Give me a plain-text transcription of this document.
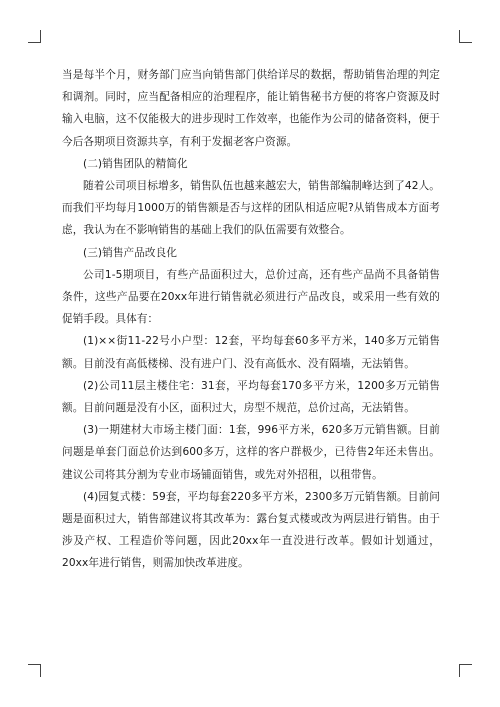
当是每半个月，财务部门应当向销售部门供给详尽的数据，帮助销售治理的判定和调剂。同时，应当配备相应的治理程序，能让销售秘书方便的将客户资源及时输入电脑，这不仅能极大的进步现时工作效率，也能作为公司的储备资料，便于今后各期项目资源共享，有利于发掘老客户资源。

(二)销售团队的精简化

随着公司项目标增多，销售队伍也越来越宏大，销售部编制峰达到了42人。而我们平均每月1000万的销售额是否与这样的团队相适应呢?从销售成本方面考虑，我认为在不影响销售的基础上我们的队伍需要有效整合。

(三)销售产品改良化

公司1-5期项目，有些产品面积过大，总价过高，还有些产品尚不具备销售条件，这些产品要在20xx年进行销售就必须进行产品改良，或采用一些有效的促销手段。具体有：

(1)××街11-22号小户型：12套，平均每套60多平方米，140多万元销售额。目前没有高低楼梯、没有进户门、没有高低水、没有隔墙，无法销售。

(2)公司11层主楼住宅：31套，平均每套170多平方米，1200多万元销售额。目前问题是没有小区，面积过大，房型不规范，总价过高，无法销售。

(3)一期建材大市场主楼门面：1套，996平方米，620多万元销售额。目前问题是单套门面总价达到600多万，这样的客户群极少，已待售2年还未售出。建议公司将其分割为专业市场铺面销售，或先对外招租，以租带售。

(4)园复式楼：59套，平均每套220多平方米，2300多万元销售额。目前问题是面积过大，销售部建议将其改革为：露台复式楼或改为两层进行销售。由于涉及产权、工程造价等问题，因此20xx年一直没进行改革。假如计划通过，20xx年进行销售，则需加快改革进度。
